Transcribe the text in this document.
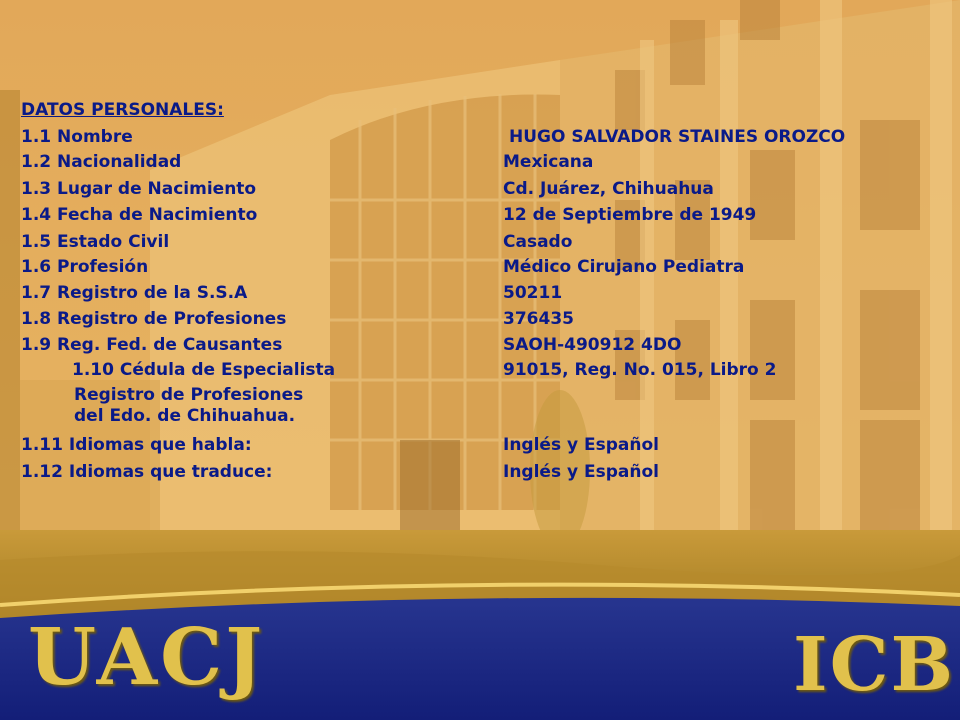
DATOS PERSONALES:
1.1 Nombre	HUGO SALVADOR STAINES OROZCO
1.2 Nacionalidad	Mexicana
1.3 Lugar de Nacimiento	Cd. Juárez, Chihuahua
1.4 Fecha de Nacimiento	12 de Septiembre de 1949
1.5 Estado Civil	Casado
1.6 Profesión	Médico Cirujano Pediatra
1.7 Registro de la S.S.A	50211
1.8 Registro de Profesiones	376435
1.9 Reg. Fed. de Causantes	SAOH-490912 4DO
1.10 Cédula de Especialista	91015, Reg. No. 015, Libro 2
Registro de Profesiones
del Edo. de Chihuahua.
1.11 Idiomas que habla:	Inglés y Español
1.12 Idiomas que traduce:	Inglés y Español
UACJ	ICB
